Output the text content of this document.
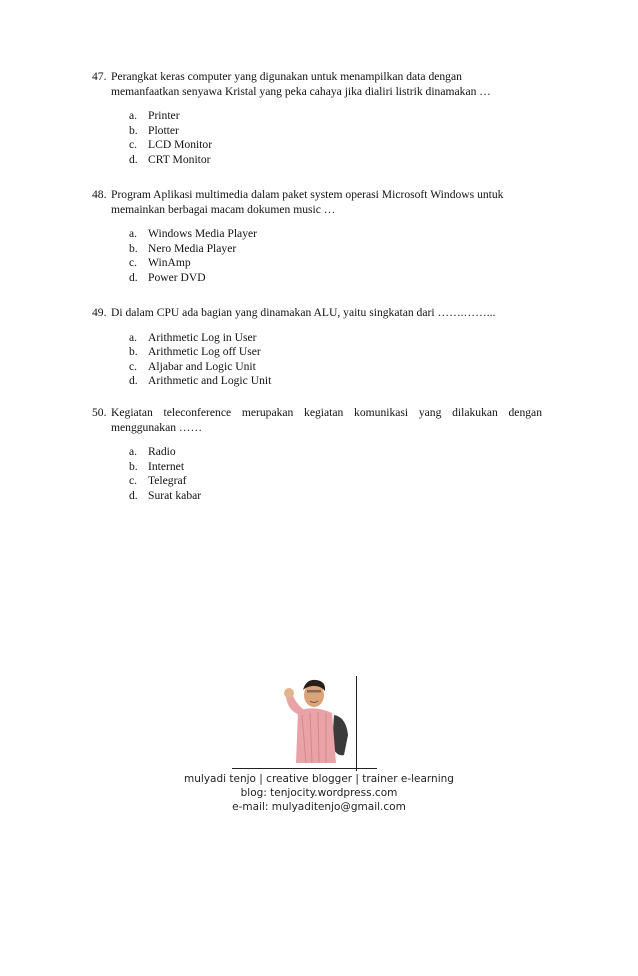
47. Perangkat keras computer yang digunakan untuk menampilkan data dengan
memanfaatkan senyawa Kristal yang peka cahaya jika dialiri listrik dinamakan …
a. Printer
b. Plotter
c. LCD Monitor
d. CRT Monitor
48. Program Aplikasi multimedia dalam paket system operasi Microsoft Windows untuk
memainkan berbagai macam dokumen music …
a. Windows Media Player
b. Nero Media Player
c. WinAmp
d. Power DVD
49. Di dalam CPU ada bagian yang dinamakan ALU, yaitu singkatan dari …….……...
a. Arithmetic Log in User
b. Arithmetic Log off User
c. Aljabar and Logic Unit
d. Arithmetic and Logic Unit
50. Kegiatan teleconference merupakan kegiatan komunikasi yang dilakukan dengan
menggunakan ……
a. Radio
b. Internet
c. Telegraf
d. Surat kabar
mulyadi tenjo | creative blogger | trainer e-learning
blog: tenjocity.wordpress.com
e-mail: mulyaditenjo@gmail.com
